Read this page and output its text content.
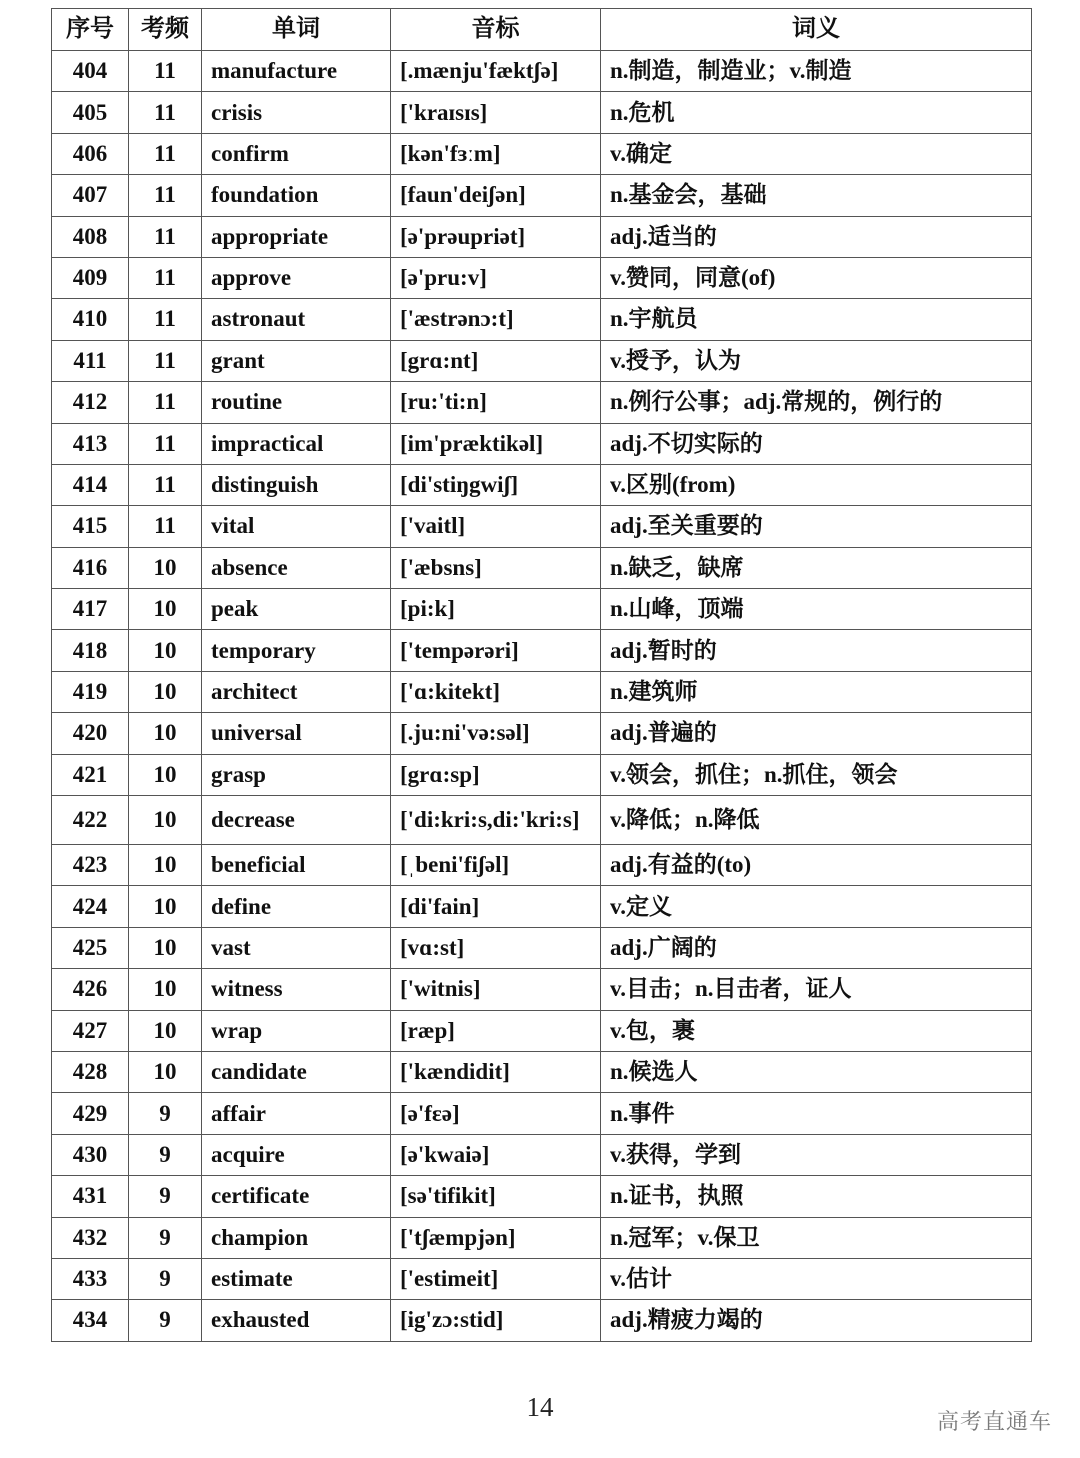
序号	考频	单词	音标	词义
404	11	manufacture	[.mænju'fæktʃə]	n.制造，制造业；v.制造
405	11	crisis	['kraɪsɪs]	n.危机
406	11	confirm	[kən'fɜːm]	v.确定
407	11	foundation	[faun'deiʃən]	n.基金会，基础
408	11	appropriate	[ə'prəupriət]	adj.适当的
409	11	approve	[ə'pru:v]	v.赞同，同意(of)
410	11	astronaut	['æstrənɔ:t]	n.宇航员
411	11	grant	[grɑ:nt]	v.授予，认为
412	11	routine	[ru:'ti:n]	n.例行公事；adj.常规的，例行的
413	11	impractical	[im'præktikəl]	adj.不切实际的
414	11	distinguish	[di'stiŋgwiʃ]	v.区别(from)
415	11	vital	['vaitl]	adj.至关重要的
416	10	absence	['æbsns]	n.缺乏，缺席
417	10	peak	[pi:k]	n.山峰，顶端
418	10	temporary	['tempərəri]	adj.暂时的
419	10	architect	['ɑ:kitekt]	n.建筑师
420	10	universal	[.ju:ni'və:səl]	adj.普遍的
421	10	grasp	[grɑ:sp]	v.领会，抓住；n.抓住，领会
422	10	decrease	['di:kri:s,di:'kri:s]	v.降低；n.降低
423	10	beneficial	[ˌbeni'fiʃəl]	adj.有益的(to)
424	10	define	[di'fain]	v.定义
425	10	vast	[vɑ:st]	adj.广阔的
426	10	witness	['witnis]	v.目击；n.目击者，证人
427	10	wrap	[ræp]	v.包，裹
428	10	candidate	['kændidit]	n.候选人
429	9	affair	[ə'fɛə]	n.事件
430	9	acquire	[ə'kwaiə]	v.获得，学到
431	9	certificate	[sə'tifikit]	n.证书，执照
432	9	champion	['tʃæmpjən]	n.冠军；v.保卫
433	9	estimate	['estimeit]	v.估计
434	9	exhausted	[ig'zɔ:stid]	adj.精疲力竭的
14
高考直通车
